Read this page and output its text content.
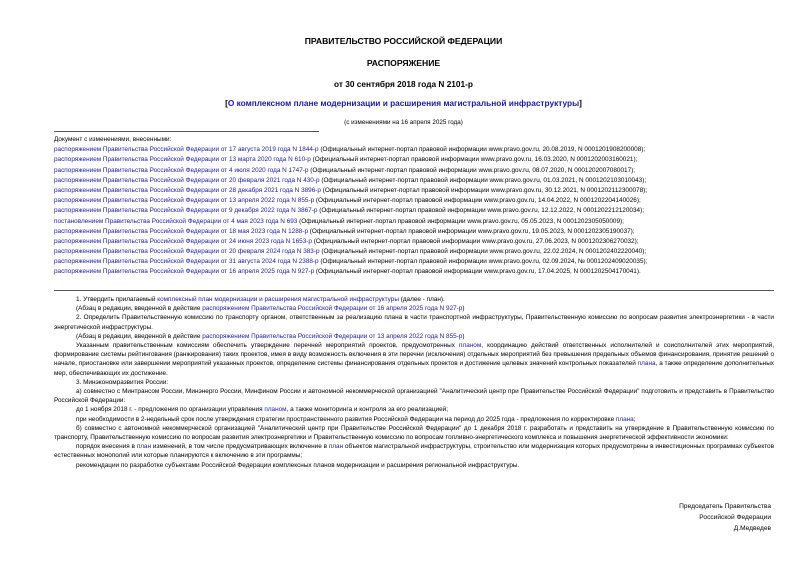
ПРАВИТЕЛЬСТВО РОССИЙСКОЙ ФЕДЕРАЦИИ
РАСПОРЯЖЕНИЕ
от 30 сентября 2018 года N 2101-р
[О комплексном плане модернизации и расширения магистральной инфраструктуры]
(с изменениями на 16 апреля 2025 года)
Документ с изменениями, внесенными:
распоряжением Правительства Российской Федерации от 17 августа 2019 года N 1844-р (Официальный интернет-портал правовой информации www.pravo.gov.ru, 20.08.2019, N 0001201908200008);
распоряжением Правительства Российской Федерации от 13 марта 2020 года N 610-р (Официальный интернет-портал правовой информации www.pravo.gov.ru, 16.03.2020, N 0001202003160021);
распоряжением Правительства Российской Федерации от 4 июля 2020 года N 1747-р (Официальный интернет-портал правовой информации www.pravo.gov.ru, 08.07.2020, N 0001202007080017);
распоряжением Правительства Российской Федерации от 20 февраля 2021 года N 430-р (Официальный интернет-портал правовой информации www.pravo.gov.ru, 01.03.2021, N 0001202103010043);
распоряжением Правительства Российской Федерации от 28 декабря 2021 года N 3896-р (Официальный интернет-портал правовой информации www.pravo.gov.ru, 30.12.2021, N 0001202112300078);
распоряжением Правительства Российской Федерации от 13 апреля 2022 года N 855-р (Официальный интернет-портал правовой информации www.pravo.gov.ru, 14.04.2022, N 0001202204140026);
распоряжением Правительства Российской Федерации от 9 декабря 2022 года N 3867-р (Официальный интернет-портал правовой информации www.pravo.gov.ru, 12.12.2022, N 0001202212120034);
постановлением Правительства Российской Федерации от 4 мая 2023 года N 693 (Официальный интернет-портал правовой информации www.pravo.gov.ru, 05.05.2023, N 0001202305050009);
распоряжением Правительства Российской Федерации от 18 мая 2023 года N 1288-р (Официальный интернет-портал правовой информации www.pravo.gov.ru, 19.05.2023, N 0001202305190037);
распоряжением Правительства Российской Федерации от 24 июня 2023 года N 1653-р (Официальный интернет-портал правовой информации www.pravo.gov.ru, 27.06.2023, N 0001202306270032);
распоряжением Правительства Российской Федерации от 20 февраля 2024 года N 383-р (Официальный интернет-портал правовой информации www.pravo.gov.ru, 22.02.2024, N 0001202402220040);
распоряжением Правительства Российской Федерации от 31 августа 2024 года N 2388-р (Официальный интернет-портал правовой информации www.pravo.gov.ru, 02.09.2024, № 0001202409020035);
распоряжением Правительства Российской Федерации от 16 апреля 2025 года N 927-р (Официальный интернет-портал правовой информации www.pravo.gov.ru, 17.04.2025, N 0001202504170041).

1. Утвердить прилагаемый комплексный план модернизации и расширения магистральной инфраструктуры (далее - план).

(Абзац в редакции, введенной в действие распоряжением Правительства Российской Федерации от 16 апреля 2025 года N 927-р)

2. Определить Правительственную комиссию по транспорту органом, ответственным за реализацию плана в части транспортной инфраструктуры, Правительственную комиссию по вопросам развития электроэнергетики - в части энергетической инфраструктуры.

(Абзац в редакции, введенной в действие распоряжением Правительства Российской Федерации от 13 апреля 2022 года N 855-р)

Указанным правительственным комиссиям обеспечить утверждение перечней мероприятий проектов, предусмотренных планом, координацию действий ответственных исполнителей и соисполнителей этих мероприятий, формирование системы рейтингования (ранжирования) таких проектов, имея в виду возможность включения в эти перечни (исключения) отдельных мероприятий без превышения предельных объемов финансирования, принятие решений о начале, приостановке или завершении мероприятий указанных проектов, определение системы финансирования отдельных проектов и достижение целевых значений контрольных показателей плана, а также определение дополнительных мер, обеспечивающих их достижение.

3. Минэкономразвития России:

а) совместно с Минтрансом России, Минэнерго России, Минфином России и автономной некоммерческой организацией "Аналитический центр при Правительстве Российской Федерации" подготовить и представить в Правительство Российской Федерации:

до 1 ноября 2018 г. - предложения по организации управления планом, а также мониторинга и контроля за его реализацией;

при необходимости в 2-недельный срок после утверждения стратегии пространственного развития Российской Федерации на период до 2025 года - предложения по корректировке плана;

б) совместно с автономной некоммерческой организацией "Аналитический центр при Правительстве Российской Федерации" до 1 декабря 2018 г. разработать и представить на утверждение в Правительственную комиссию по транспорту, Правительственную комиссию по вопросам развития электроэнергетики и Правительственную комиссию по вопросам топливно-энергетического комплекса и повышения энергетической эффективности экономики:

порядок внесения в план изменений, в том числе предусматривающих включение в план объектов магистральной инфраструктуры, строительство или модернизация которых предусмотрены в инвестиционных программах субъектов естественных монополий или которые планируются к включению в эти программы;

рекомендации по разработке субъектами Российской Федерации комплексных планов модернизации и расширения региональной инфраструктуры.

Председатель Правительства
Российской Федерации
Д.Медведев
